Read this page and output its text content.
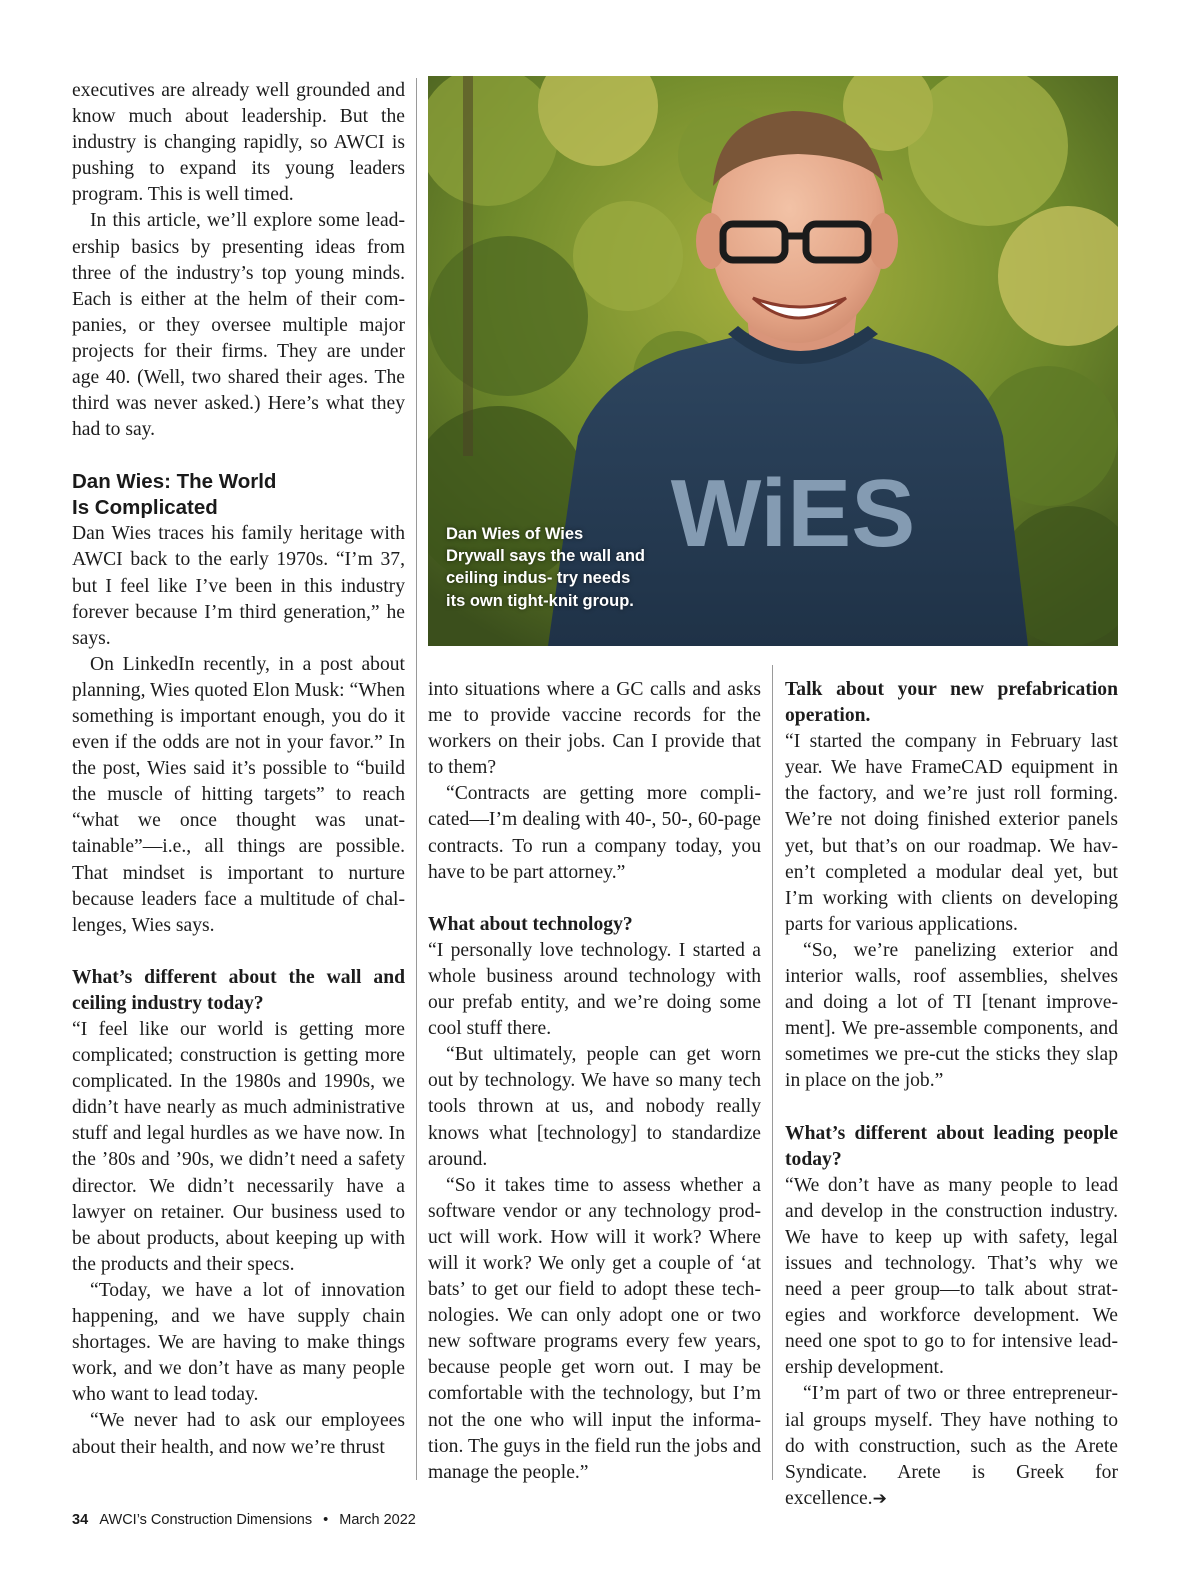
executives are already well grounded and know much about leadership. But the industry is changing rapidly, so AWCI is pushing to expand its young leaders program. This is well timed.

In this article, we’ll explore some leadership basics by presenting ideas from three of the industry’s top young minds. Each is either at the helm of their companies, or they oversee multiple major projects for their firms. They are under age 40. (Well, two shared their ages. The third was never asked.) Here’s what they had to say.

Dan Wies: The World

Is Complicated

Dan Wies traces his family heritage with AWCI back to the early 1970s. “I’m 37, but I feel like I’ve been in this industry forever because I’m third generation,” he says.

On LinkedIn recently, in a post about planning, Wies quoted Elon Musk: “When something is important enough, you do it even if the odds are not in your favor.” In the post, Wies said it’s possible to “build the muscle of hitting targets” to reach “what we once thought was unattainable”—i.e., all things are possible. That mindset is important to nurture because leaders face a multitude of challenges, Wies says.

What’s different about the wall and ceiling industry today?

“I feel like our world is getting more complicated; construction is getting more complicated. In the 1980s and 1990s, we didn’t have nearly as much administrative stuff and legal hurdles as we have now. In the ’80s and ’90s, we didn’t need a safety director. We didn’t necessarily have a lawyer on retainer. Our business used to be about products, about keeping up with the products and their specs.

“Today, we have a lot of innovation happening, and we have supply chain shortages. We are having to make things work, and we don’t have as many people who want to lead today.

“We never had to ask our employees about their health, and now we’re thrust

WiES
Dan Wies of Wies Drywall says the wall and ceiling indus- try needs its own tight-knit group.

into situations where a GC calls and asks me to provide vaccine records for the workers on their jobs. Can I provide that to them?

“Contracts are getting more complicated—I’m dealing with 40-, 50-, 60-page contracts. To run a company today, you have to be part attorney.”

What about technology?

“I personally love technology. I started a whole business around technology with our prefab entity, and we’re doing some cool stuff there.

“But ultimately, people can get worn out by technology. We have so many tech tools thrown at us, and nobody really knows what [technology] to standardize around.

“So it takes time to assess whether a software vendor or any technology product will work. How will it work? Where will it work? We only get a couple of ‘at bats’ to get our field to adopt these technologies. We can only adopt one or two new software programs every few years, because people get worn out. I may be comfortable with the technology, but I’m not the one who will input the information. The guys in the field run the jobs and manage the people.”

Talk about your new prefabrication operation.

“I started the company in February last year. We have FrameCAD equipment in the factory, and we’re just roll forming. We’re not doing finished exterior panels yet, but that’s on our roadmap. We haven’t completed a modular deal yet, but I’m working with clients on developing parts for various applications.

“So, we’re panelizing exterior and interior walls, roof assemblies, shelves and doing a lot of TI [tenant improvement]. We pre-assemble components, and sometimes we pre-cut the sticks they slap in place on the job.”

What’s different about leading people today?

“We don’t have as many people to lead and develop in the construction industry. We have to keep up with safety, legal issues and technology. That’s why we need a peer group—to talk about strategies and workforce development. We need one spot to go to for intensive leadership development.

“I’m part of two or three entrepreneurial groups myself. They have nothing to do with construction, such as the Arete Syndicate. Arete is Greek for excellence.➔

34 AWCI’s Construction Dimensions • March 2022
